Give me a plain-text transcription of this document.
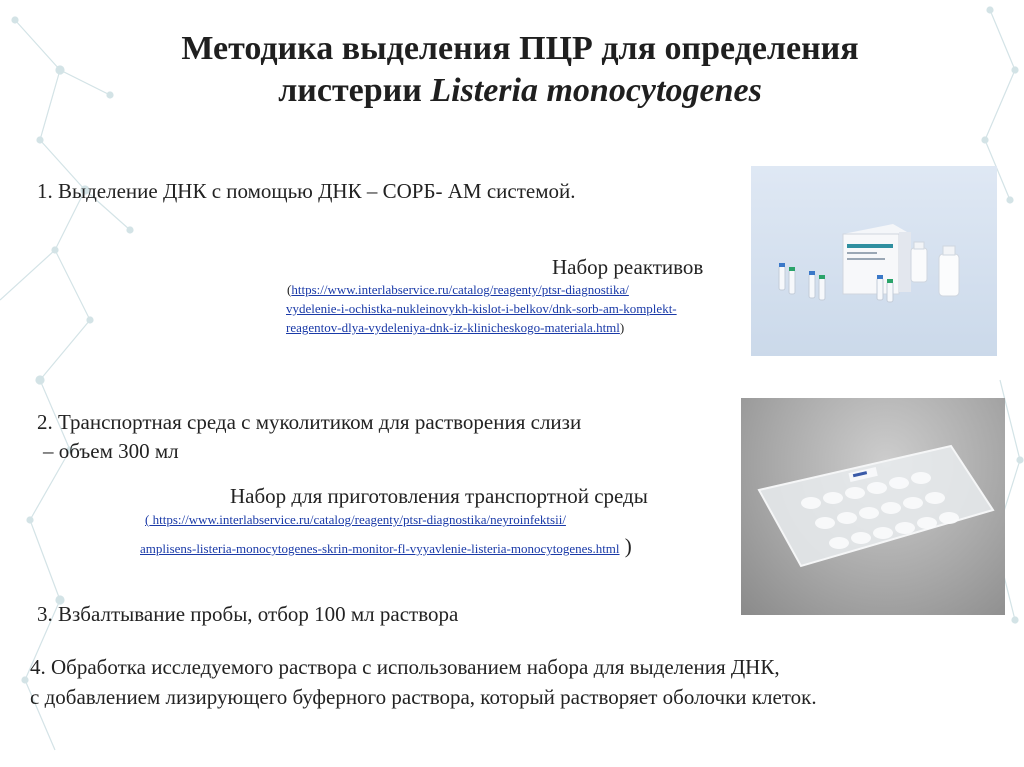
Методика выделения ПЦР для определения
листерии Listeria monocytogenes
1. Выделение ДНК с помощью ДНК – СОРБ- АМ системой.
Набор реактивов
(https://www.interlabservice.ru/catalog/reagenty/ptsr-diagnostika/
vydelenie-i-ochistka-nukleinovykh-kislot-i-belkov/dnk-sorb-am-komplekt-
reagentov-dlya-vydeleniya-dnk-iz-klinicheskogo-materiala.html)
2. Транспортная среда с муколитиком для растворения слизи
– объем 300 мл
Набор для приготовления транспортной среды
( https://www.interlabservice.ru/catalog/reagenty/ptsr-diagnostika/neyroinfektsii/
amplisens-listeria-monocytogenes-skrin-monitor-fl-vyyavlenie-listeria-monocytogenes.html )
3. Взбалтывание пробы, отбор 100 мл раствора
4. Обработка исследуемого раствора с использованием набора для выделения ДНК,
с добавлением лизирующего буферного раствора, который растворяет оболочки клеток.
